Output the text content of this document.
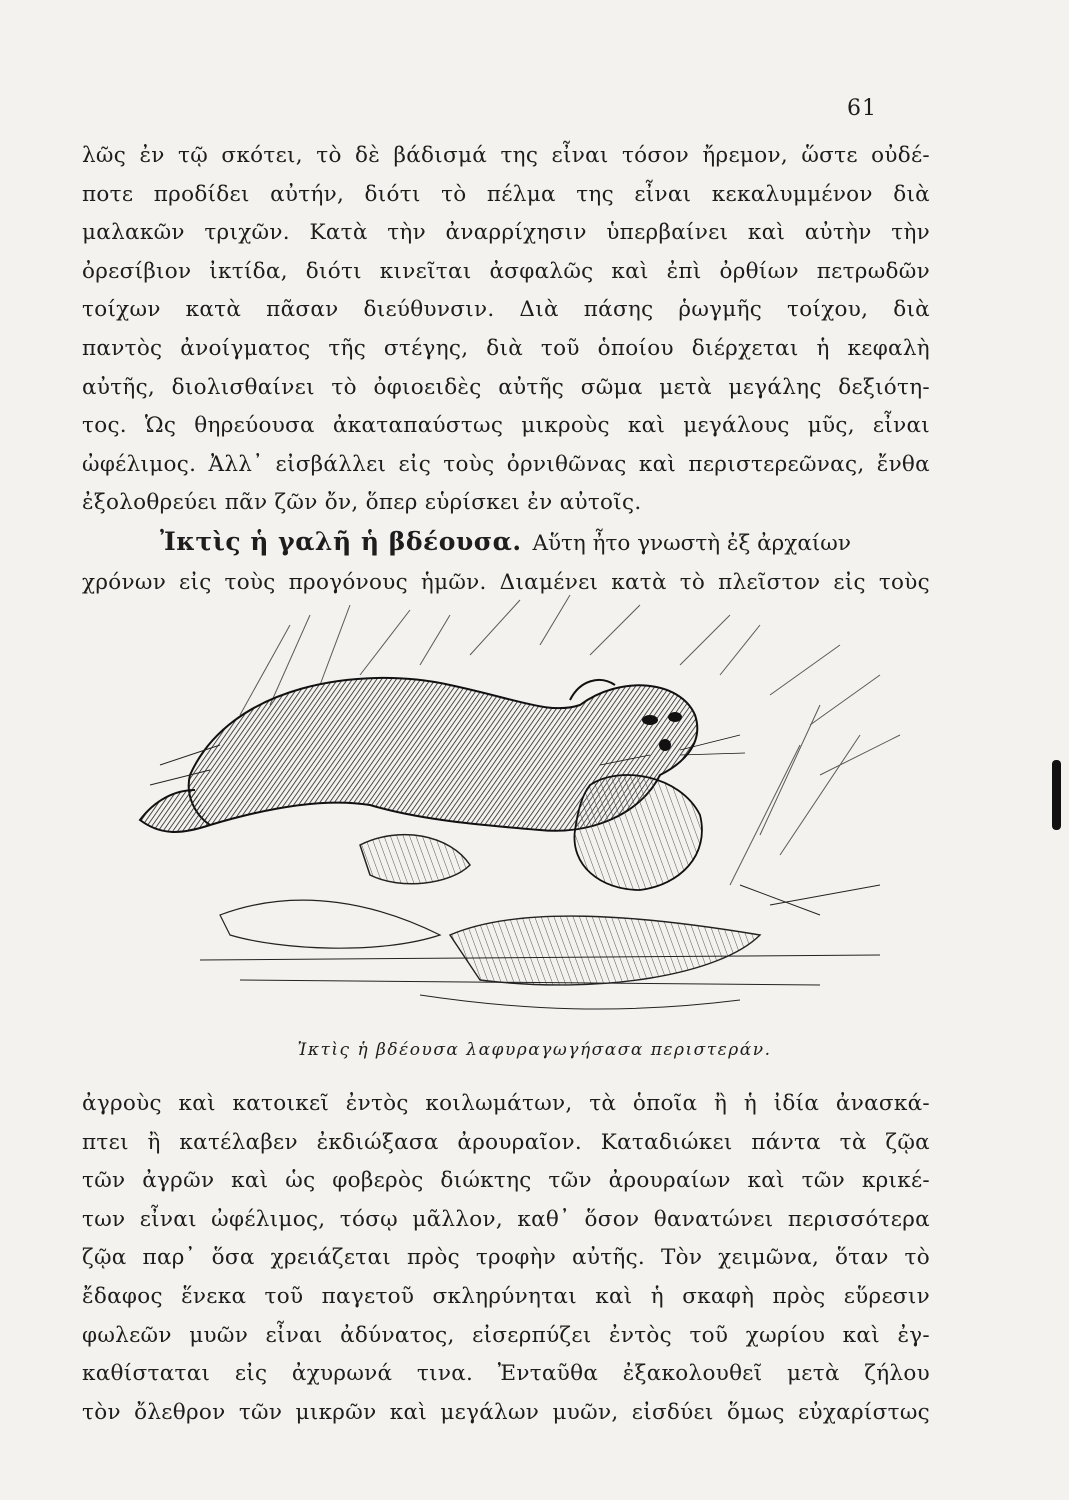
61
λῶς ἐν τῷ σκότει, τὸ δὲ βάδισμά της εἶναι τόσον ἤρεμον, ὥστε οὐδέ-
ποτε προδίδει αὐτήν, διότι τὸ πέλμα της εἶναι κεκαλυμμένον διὰ
μαλακῶν τριχῶν. Κατὰ τὴν ἀναρρίχησιν ὑπερβαίνει καὶ αὐτὴν τὴν
ὀρεσίβιον ἰκτίδα, διότι κινεῖται ἀσφαλῶς καὶ ἐπὶ ὀρθίων πετρωδῶν
τοίχων κατὰ πᾶσαν διεύθυνσιν. Διὰ πάσης ῥωγμῆς τοίχου, διὰ
παντὸς ἀνοίγματος τῆς στέγης, διὰ τοῦ ὁποίου διέρχεται ἡ κεφαλὴ
αὐτῆς, διολισθαίνει τὸ ὀφιοειδὲς αὐτῆς σῶμα μετὰ μεγάλης δεξιότη-
τος. Ὡς θηρεύουσα ἀκαταπαύστως μικροὺς καὶ μεγάλους μῦς, εἶναι
ὠφέλιμος. Ἀλλ᾽ εἰσβάλλει εἰς τοὺς ὀρνιθῶνας καὶ περιστερεῶνας, ἔνθα
ἐξολοθρεύει πᾶν ζῶν ὄν, ὅπερ εὑρίσκει ἐν αὐτοῖς.
Ἰκτὶς ἡ γαλῆ ἡ βδέουσα. Αὕτη ἦτο γνωστὴ ἐξ ἀρχαίων
χρόνων εἰς τοὺς προγόνους ἡμῶν. Διαμένει κατὰ τὸ πλεῖστον εἰς τοὺς
Ἰκτὶς ἡ βδέουσα λαφυραγωγήσασα περιστεράν.
ἀγροὺς καὶ κατοικεῖ ἐντὸς κοιλωμάτων, τὰ ὁποῖα ἢ ἡ ἰδία ἀνασκά-
πτει ἢ κατέλαβεν ἐκδιώξασα ἀρουραῖον. Καταδιώκει πάντα τὰ ζῷα
τῶν ἀγρῶν καὶ ὡς φοβερὸς διώκτης τῶν ἀρουραίων καὶ τῶν κρικέ-
των εἶναι ὠφέλιμος, τόσῳ μᾶλλον, καθ᾽ ὅσον θανατώνει περισσότερα
ζῷα παρ᾽ ὅσα χρειάζεται πρὸς τροφὴν αὐτῆς. Τὸν χειμῶνα, ὅταν τὸ
ἔδαφος ἕνεκα τοῦ παγετοῦ σκληρύνηται καὶ ἡ σκαφὴ πρὸς εὕρεσιν
φωλεῶν μυῶν εἶναι ἀδύνατος, εἰσερπύζει ἐντὸς τοῦ χωρίου καὶ ἐγ-
καθίσταται εἰς ἀχυρωνά τινα. Ἐνταῦθα ἐξακολουθεῖ μετὰ ζήλου
τὸν ὄλεθρον τῶν μικρῶν καὶ μεγάλων μυῶν, εἰσδύει ὅμως εὐχαρίστως
